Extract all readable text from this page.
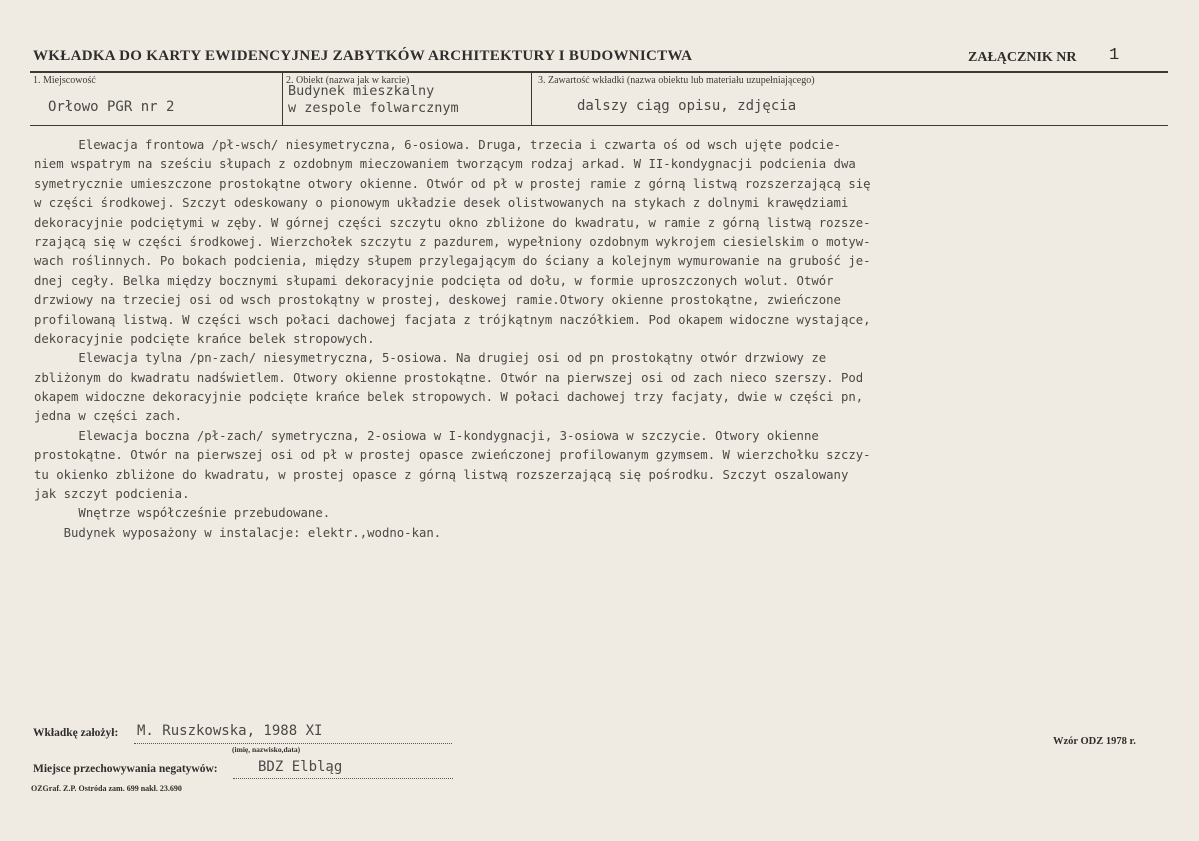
WKŁADKA DO KARTY EWIDENCYJNEJ ZABYTKÓW ARCHITEKTURY I BUDOWNICTWA	ZAŁĄCZNIK NR 1
1. Miejscowość
Orłowo PGR nr 2
2. Obiekt (nazwa jak w karcie)
Budynek mieszkalny
w zespole folwarcznym
3. Zawartość wkładki (nazwa obiektu lub materiału uzupełniającego)
dalszy ciąg opisu, zdjęcia
Elewacja frontowa /pł-wsch/ niesymetryczna, 6-osiowa. Druga, trzecia i czwarta oś od wsch ujęte podcie-
niem wspatrym na sześciu słupach z ozdobnym mieczowaniem tworzącym rodzaj arkad. W II-kondygnacji podcienia dwa
symetrycznie umieszczone prostokątne otwory okienne. Otwór od pł w prostej ramie z górną listwą rozszerzającą się
w części środkowej. Szczyt odeskowany o pionowym układzie desek olistwowanych na stykach z dolnymi krawędziami
dekoracyjnie podciętymi w zęby. W górnej części szczytu okno zbliżone do kwadratu, w ramie z górną listwą rozsze-
rzającą się w części środkowej. Wierzchołek szczytu z pazdurem, wypełniony ozdobnym wykrojem ciesielskim o motyw-
wach roślinnych. Po bokach podcienia, między słupem przylegającym do ściany a kolejnym wymurowanie na grubość je-
dnej cegły. Belka między bocznymi słupami dekoracyjnie podcięta od dołu, w formie uproszczonych wolut. Otwór
drzwiowy na trzeciej osi od wsch prostokątny w prostej, deskowej ramie.Otwory okienne prostokątne, zwieńczone
profilowaną listwą. W części wsch połaci dachowej facjata z trójkątnym naczółkiem. Pod okapem widoczne wystające,
dekoracyjnie podcięte krańce belek stropowych.
Elewacja tylna /pn-zach/ niesymetryczna, 5-osiowa. Na drugiej osi od pn prostokątny otwór drzwiowy ze
zbliżonym do kwadratu nadświetlem. Otwory okienne prostokątne. Otwór na pierwszej osi od zach nieco szerszy. Pod
okapem widoczne dekoracyjnie podcięte krańce belek stropowych. W połaci dachowej trzy facjaty, dwie w części pn,
jedna w części zach.
Elewacja boczna /pł-zach/ symetryczna, 2-osiowa w I-kondygnacji, 3-osiowa w szczycie. Otwory okienne
prostokątne. Otwór na pierwszej osi od pł w prostej opasce zwieńczonej profilowanym gzymsem. W wierzchołku szczy-
tu okienko zbliżone do kwadratu, w prostej opasce z górną listwą rozszerzającą się pośrodku. Szczyt oszalowany
jak szczyt podcienia.
Wnętrze współcześnie przebudowane.
Budynek wyposażony w instalacje: elektr.,wodno-kan.
Wkładkę założył: M. Ruszkowska, 1988 XI
(imię, nazwisko,data)
Miejsce przechowywania negatywów:	BDZ Elbląg
OZGraf. Z.P. Ostróda zam. 699 nakł. 23.690
Wzór ODZ 1978 r.
